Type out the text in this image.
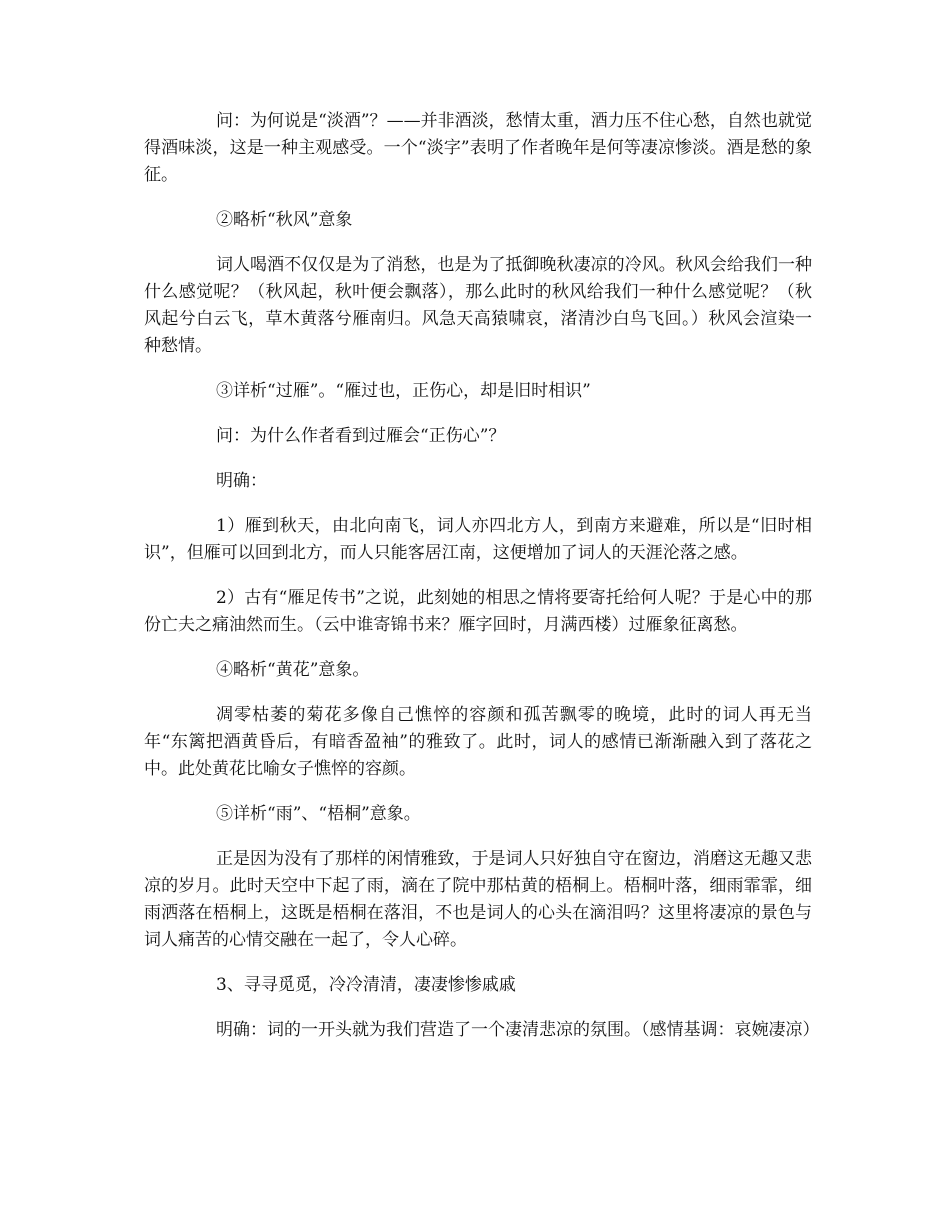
问：为何说是“淡酒”？——并非酒淡，愁情太重，酒力压不住心愁，自然也就觉得酒味淡，这是一种主观感受。一个“淡字”表明了作者晚年是何等凄凉惨淡。酒是愁的象征。

②略析“秋风”意象

词人喝酒不仅仅是为了消愁，也是为了抵御晚秋凄凉的冷风。秋风会给我们一种什么感觉呢？（秋风起，秋叶便会飘落），那么此时的秋风给我们一种什么感觉呢？（秋风起兮白云飞，草木黄落兮雁南归。风急天高猿啸哀，渚清沙白鸟飞回。）秋风会渲染一种愁情。

③详析“过雁”。“雁过也，正伤心，却是旧时相识”

问：为什么作者看到过雁会“正伤心”？

明确：

1）雁到秋天，由北向南飞，词人亦四北方人，到南方来避难，所以是“旧时相识”，但雁可以回到北方，而人只能客居江南，这便增加了词人的天涯沦落之感。

2）古有“雁足传书”之说，此刻她的相思之情将要寄托给何人呢？于是心中的那份亡夫之痛油然而生。（云中谁寄锦书来？雁字回时，月满西楼）过雁象征离愁。

④略析“黄花”意象。

凋零枯萎的菊花多像自己憔悴的容颜和孤苦飘零的晚境，此时的词人再无当年“东篱把酒黄昏后，有暗香盈袖”的雅致了。此时，词人的感情已渐渐融入到了落花之中。此处黄花比喻女子憔悴的容颜。

⑤详析“雨”、“梧桐”意象。

正是因为没有了那样的闲情雅致，于是词人只好独自守在窗边，消磨这无趣又悲凉的岁月。此时天空中下起了雨，滴在了院中那枯黄的梧桐上。梧桐叶落，细雨霏霏，细雨洒落在梧桐上，这既是梧桐在落泪，不也是词人的心头在滴泪吗？这里将凄凉的景色与词人痛苦的心情交融在一起了，令人心碎。

3、寻寻觅觅，冷冷清清，凄凄惨惨戚戚

明确：词的一开头就为我们营造了一个凄清悲凉的氛围。（感情基调：哀婉凄凉）
